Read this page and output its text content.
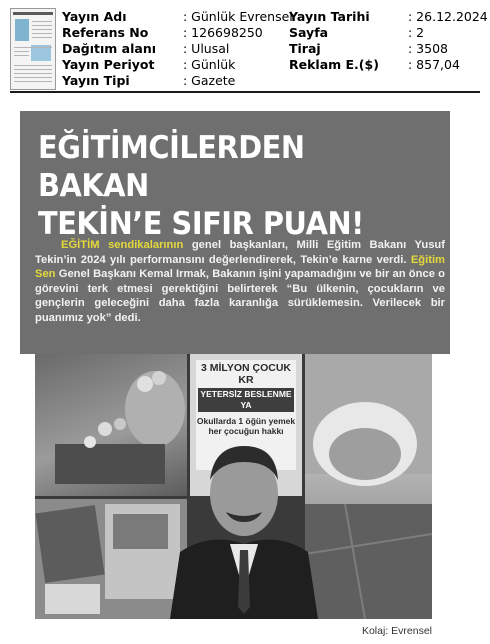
Yayın Adı
Referans No
Dağıtım alanı
Yayın Periyot
Yayın Tipi
: Günlük Evrensel
: 126698250
: Ulusal
: Günlük
: Gazete
Yayın Tarihi
Sayfa
Tiraj
Reklam E.($)
: 26.12.2024
: 2
: 3508
: 857,04
EĞİTİMCİLERDEN BAKAN
TEKİN’E SIFIR PUAN!
EĞİTİM sendikalarının genel başkanları, Milli Eğitim Bakanı Yusuf Tekin’in 2024 yılı performansını değerlendirerek, Tekin’e karne verdi. Eğitim Sen Genel Başkanı Kemal Irmak, Bakanın işini yapamadığını ve bir an önce o görevini terk etmesi gerektiğini belirterek “Bu ülkenin, çocukların ve gençlerin geleceğini daha fazla karanlığa sürüklemesin. Verilecek bir puanımız yok” dedi.
3 MİLYON ÇOCUK KR
YETERSİZ BESLENME YA
Okullarda 1 öğün yemek her çocuğun hakkı
Kolaj: Evrensel
